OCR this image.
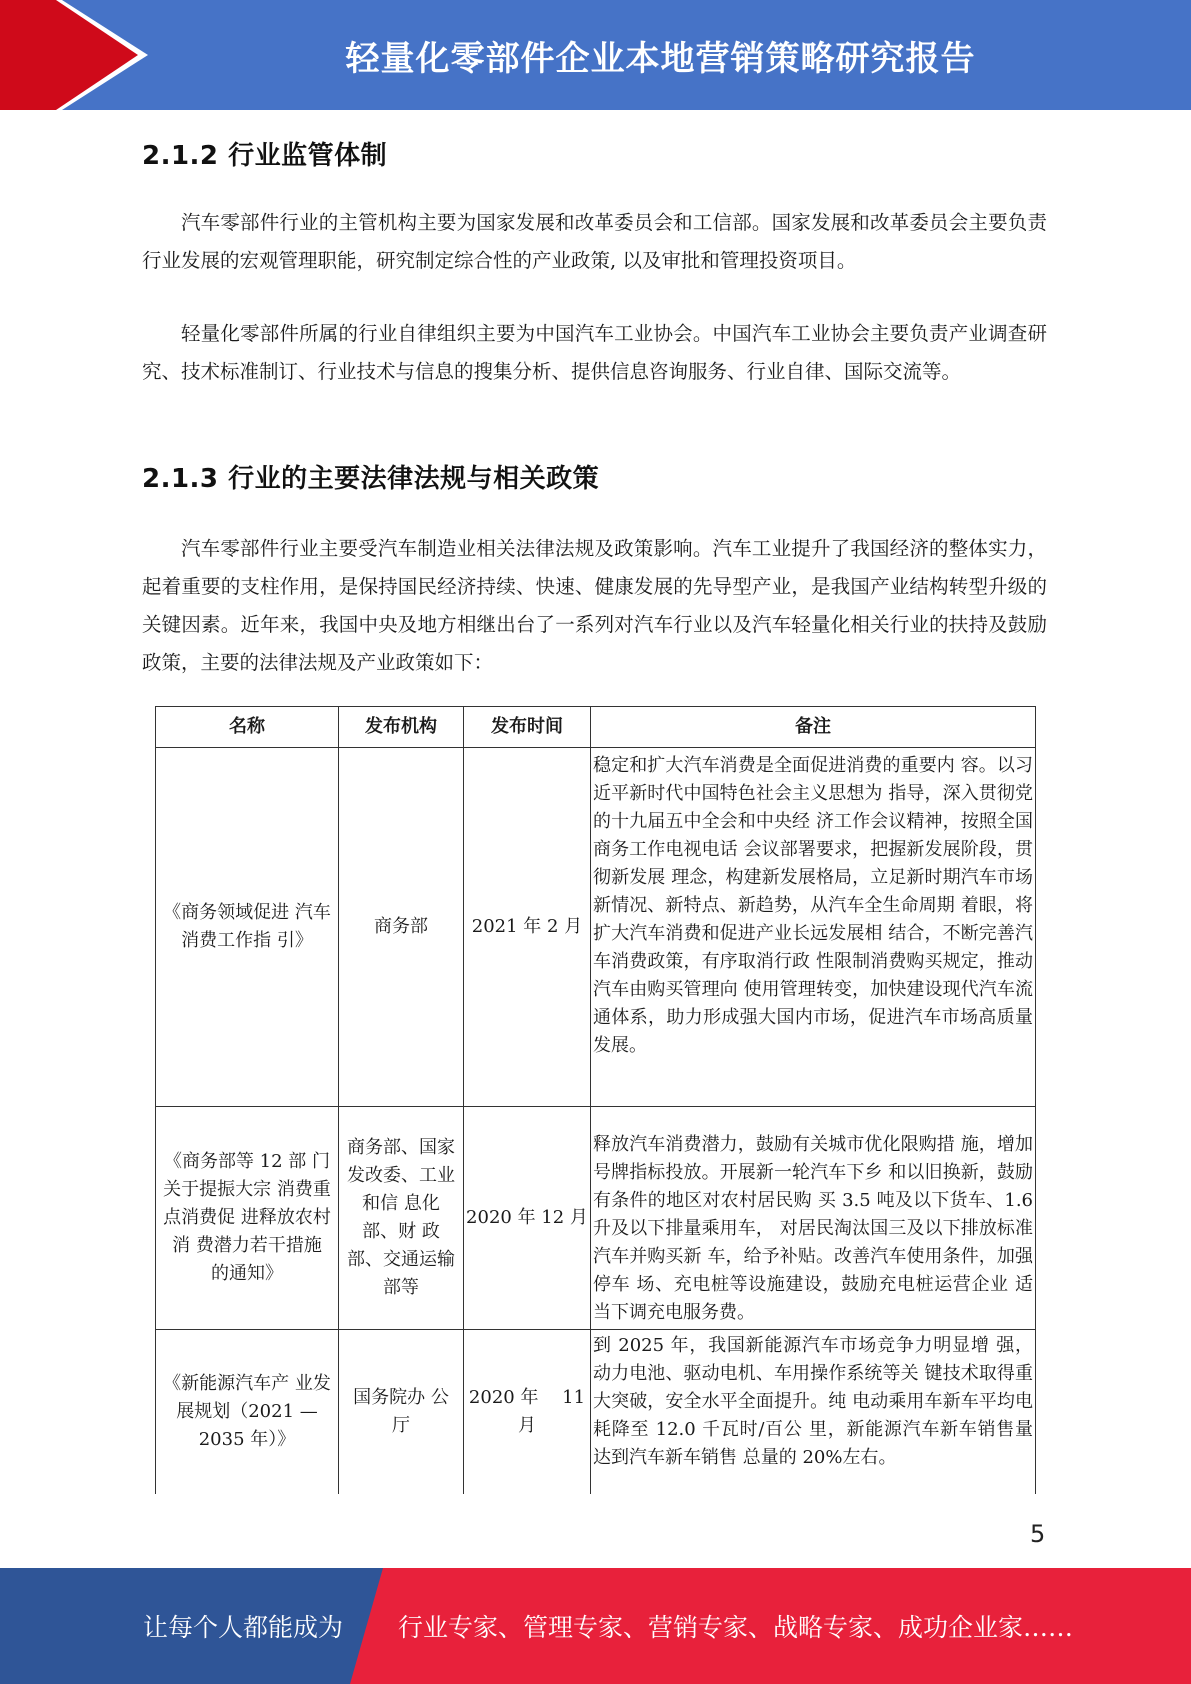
轻量化零部件企业本地营销策略研究报告
2.1.2 行业监管体制

汽车零部件行业的主管机构主要为国家发展和改革委员会和工信部。国家发展和改革委员会主要负责行业发展的宏观管理职能，研究制定综合性的产业政策, 以及审批和管理投资项目。

轻量化零部件所属的行业自律组织主要为中国汽车工业协会。中国汽车工业协会主要负责产业调查研究、技术标准制订、行业技术与信息的搜集分析、提供信息咨询服务、行业自律、国际交流等。

2.1.3 行业的主要法律法规与相关政策

汽车零部件行业主要受汽车制造业相关法律法规及政策影响。汽车工业提升了我国经济的整体实力，起着重要的支柱作用，是保持国民经济持续、快速、健康发展的先导型产业，是我国产业结构转型升级的关键因素。近年来，我国中央及地方相继出台了一系列对汽车行业以及汽车轻量化相关行业的扶持及鼓励政策，主要的法律法规及产业政策如下：

名称	发布机构	发布时间	备注
《商务领域促进 汽车消费工作指 引》	商务部	2021 年 2 月	稳定和扩大汽车消费是全面促进消费的重要内 容。以习近平新时代中国特色社会主义思想为 指导，深入贯彻党的十九届五中全会和中央经 济工作会议精神，按照全国商务工作电视电话 会议部署要求，把握新发展阶段，贯彻新发展 理念，构建新发展格局，立足新时期汽车市场 新情况、新特点、新趋势，从汽车全生命周期 着眼，将扩大汽车消费和促进产业长远发展相 结合，不断完善汽车消费政策，有序取消行政 性限制消费购买规定，推动汽车由购买管理向 使用管理转变，加快建设现代汽车流通体系，助力形成强大国内市场，促进汽车市场高质量 发展。
《商务部等 12 部 门关于提振大宗 消费重点消费促 进释放农村消 费潜力若干措施 的通知》	商务部、国家发改委、工业和信 息化部、财 政部、交通运输部等	2020 年 12 月	释放汽车消费潜力，鼓励有关城市优化限购措 施，增加号牌指标投放。开展新一轮汽车下乡 和以旧换新，鼓励有条件的地区对农村居民购 买 3.5 吨及以下货车、1.6 升及以下排量乘用车， 对居民淘汰国三及以下排放标准汽车并购买新 车，给予补贴。改善汽车使用条件，加强停车 场、充电桩等设施建设，鼓励充电桩运营企业 适当下调充电服务费。
《新能源汽车产 业发展规划（2021 —2035 年）》	国务院办 公厅	2020 年　 11 月	到 2025 年，我国新能源汽车市场竞争力明显增 强，动力电池、驱动电机、车用操作系统等关 键技术取得重大突破，安全水平全面提升。纯 电动乘用车新车平均电耗降至 12.0 千瓦时/百公 里，新能源汽车新车销售量达到汽车新车销售 总量的 20%左右。
5
让每个人都能成为 行业专家、管理专家、营销专家、战略专家、成功企业家……
